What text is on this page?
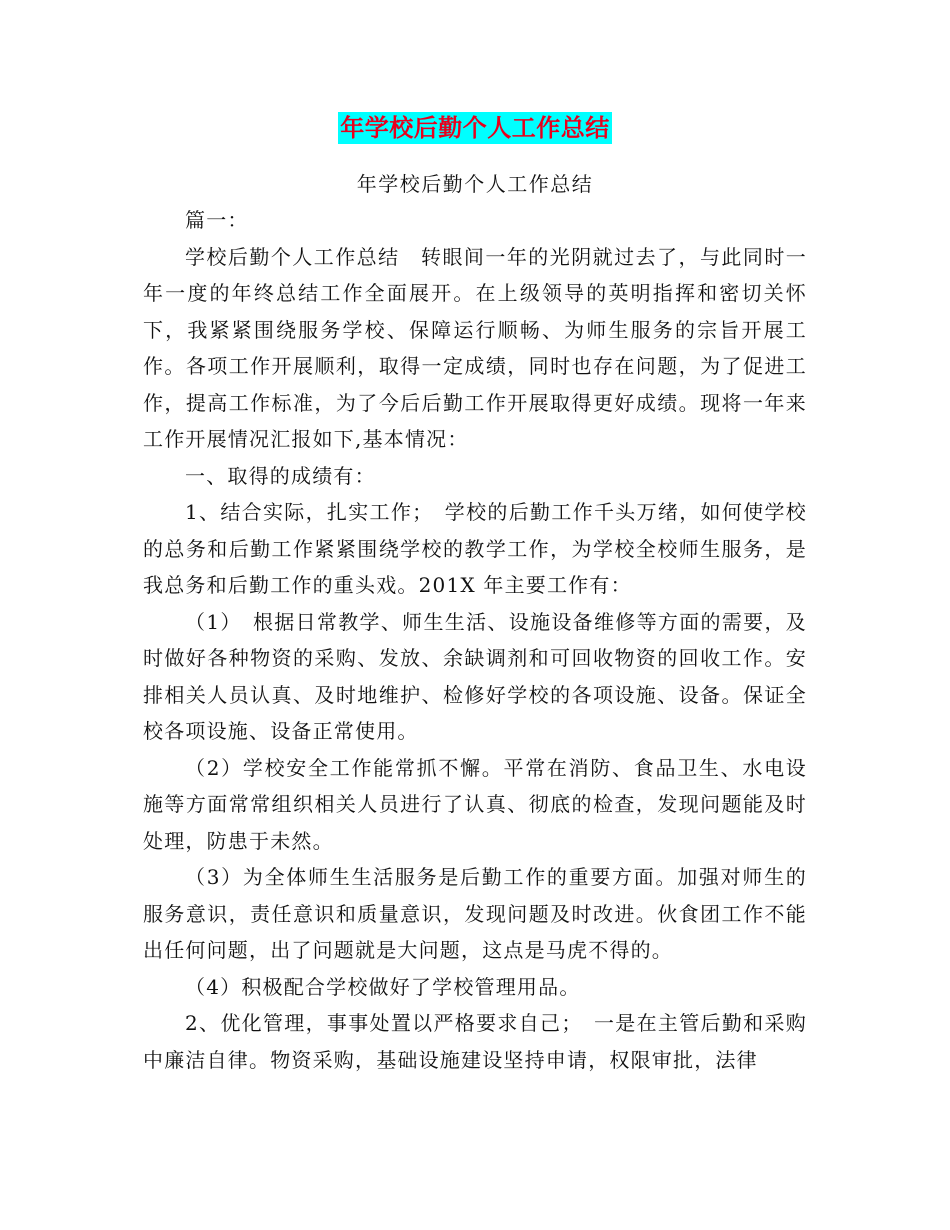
年学校后勤个人工作总结
年学校后勤个人工作总结

篇一：

学校后勤个人工作总结　转眼间一年的光阴就过去了，与此同时一年一度的年终总结工作全面展开。在上级领导的英明指挥和密切关怀下，我紧紧围绕服务学校、保障运行顺畅、为师生服务的宗旨开展工作。各项工作开展顺利，取得一定成绩，同时也存在问题，为了促进工作，提高工作标准，为了今后后勤工作开展取得更好成绩。现将一年来工作开展情况汇报如下,基本情况：

一、取得的成绩有：

1、结合实际，扎实工作；　学校的后勤工作千头万绪，如何使学校的总务和后勤工作紧紧围绕学校的教学工作，为学校全校师生服务，是我总务和后勤工作的重头戏。201X 年主要工作有：

（1）　根据日常教学、师生生活、设施设备维修等方面的需要，及时做好各种物资的采购、发放、余缺调剂和可回收物资的回收工作。安排相关人员认真、及时地维护、检修好学校的各项设施、设备。保证全校各项设施、设备正常使用。

（2）学校安全工作能常抓不懈。平常在消防、食品卫生、水电设施等方面常常组织相关人员进行了认真、彻底的检查，发现问题能及时处理，防患于未然。

（3）为全体师生生活服务是后勤工作的重要方面。加强对师生的服务意识，责任意识和质量意识，发现问题及时改进。伙食团工作不能出任何问题，出了问题就是大问题，这点是马虎不得的。

（4）积极配合学校做好了学校管理用品。

2、优化管理，事事处置以严格要求自己；　一是在主管后勤和采购中廉洁自律。物资采购，基础设施建设坚持申请，权限审批，法律
